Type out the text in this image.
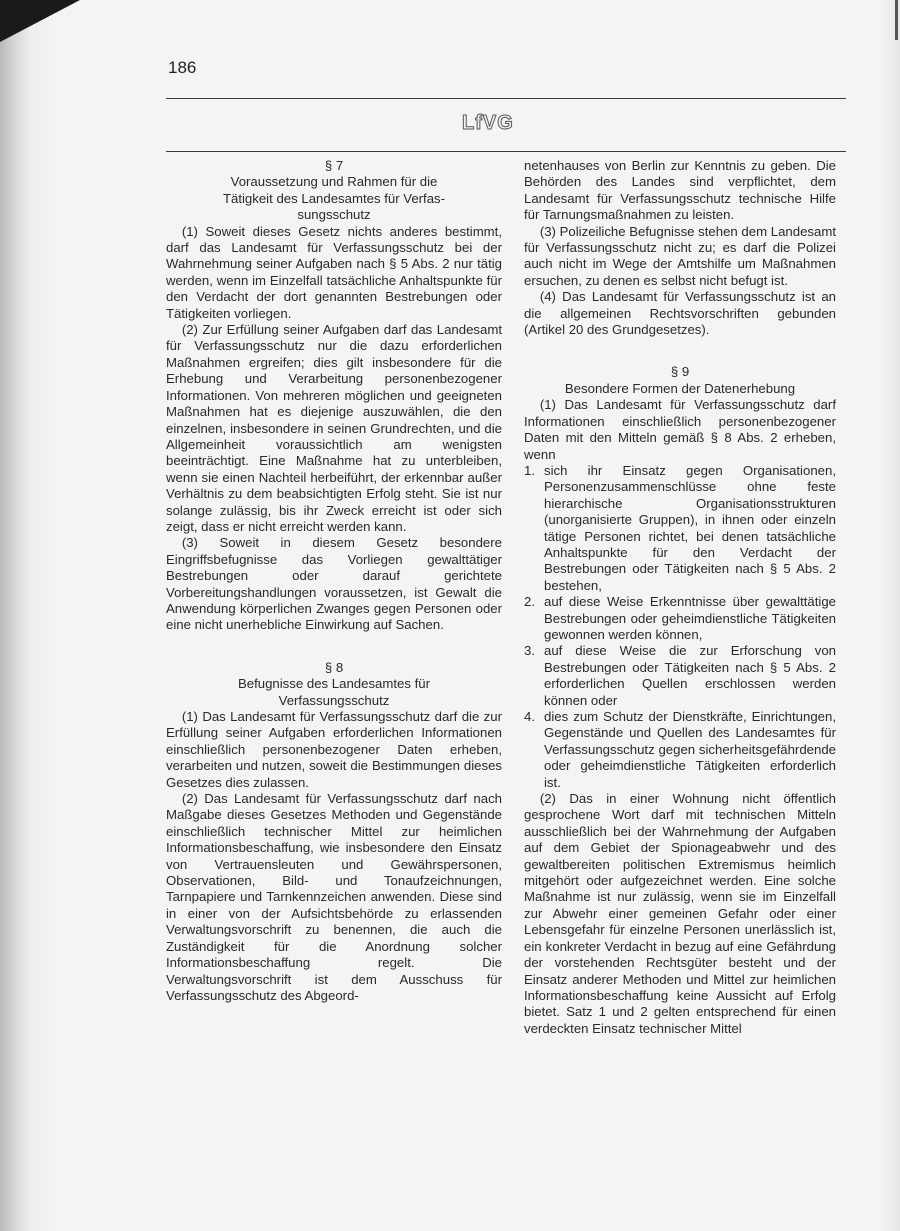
186
LfVG
§ 7
Voraussetzung und Rahmen für die
Tätigkeit des Landesamtes für Verfas-
sungsschutz

(1) Soweit dieses Gesetz nichts anderes bestimmt, darf das Landesamt für Verfassungsschutz bei der Wahrnehmung seiner Aufgaben nach § 5 Abs. 2 nur tätig werden, wenn im Einzelfall tatsächliche Anhaltspunkte für den Verdacht der dort genannten Bestrebungen oder Tätigkeiten vorliegen.

(2) Zur Erfüllung seiner Aufgaben darf das Landesamt für Verfassungsschutz nur die dazu erforderlichen Maßnahmen ergreifen; dies gilt insbesondere für die Erhebung und Verarbeitung personenbezogener Informationen. Von mehreren möglichen und geeigneten Maßnahmen hat es diejenige auszuwählen, die den einzelnen, insbesondere in seinen Grundrechten, und die Allgemeinheit voraussichtlich am wenigsten beeinträchtigt. Eine Maßnahme hat zu unterbleiben, wenn sie einen Nachteil herbeiführt, der erkennbar außer Verhältnis zu dem beabsichtigten Erfolg steht. Sie ist nur solange zulässig, bis ihr Zweck erreicht ist oder sich zeigt, dass er nicht erreicht werden kann.

(3) Soweit in diesem Gesetz besondere Eingriffsbefugnisse das Vorliegen gewalttätiger Bestrebungen oder darauf gerichtete Vorbereitungshandlungen voraussetzen, ist Gewalt die Anwendung körperlichen Zwanges gegen Personen oder eine nicht unerhebliche Einwirkung auf Sachen.

§ 8
Befugnisse des Landesamtes für
Verfassungsschutz

(1) Das Landesamt für Verfassungsschutz darf die zur Erfüllung seiner Aufgaben erforderlichen Informationen einschließlich personenbezogener Daten erheben, verarbeiten und nutzen, soweit die Bestimmungen dieses Gesetzes dies zulassen.

(2) Das Landesamt für Verfassungsschutz darf nach Maßgabe dieses Gesetzes Methoden und Gegenstände einschließlich technischer Mittel zur heimlichen Informationsbeschaffung, wie insbesondere den Einsatz von Vertrauensleuten und Gewährspersonen, Observationen, Bild- und Tonaufzeichnungen, Tarnpapiere und Tarnkennzeichen anwenden. Diese sind in einer von der Aufsichtsbehörde zu erlassenden Verwaltungsvorschrift zu benennen, die auch die Zuständigkeit für die Anordnung solcher Informationsbeschaffung regelt. Die Verwaltungsvorschrift ist dem Ausschuss für Verfassungsschutz des Abgeord-

netenhauses von Berlin zur Kenntnis zu geben. Die Behörden des Landes sind verpflichtet, dem Landesamt für Verfassungsschutz technische Hilfe für Tarnungsmaßnahmen zu leisten.

(3) Polizeiliche Befugnisse stehen dem Landesamt für Verfassungsschutz nicht zu; es darf die Polizei auch nicht im Wege der Amtshilfe um Maßnahmen ersuchen, zu denen es selbst nicht befugt ist.

(4) Das Landesamt für Verfassungsschutz ist an die allgemeinen Rechtsvorschriften gebunden (Artikel 20 des Grundgesetzes).

§ 9
Besondere Formen der Datenerhebung

(1) Das Landesamt für Verfassungsschutz darf Informationen einschließlich personenbezogener Daten mit den Mitteln gemäß § 8 Abs. 2 erheben, wenn

1. sich ihr Einsatz gegen Organisationen, Personenzusammenschlüsse ohne feste hierarchische Organisationsstrukturen (unorganisierte Gruppen), in ihnen oder einzeln tätige Personen richtet, bei denen tatsächliche Anhaltspunkte für den Verdacht der Bestrebungen oder Tätigkeiten nach § 5 Abs. 2 bestehen,
2. auf diese Weise Erkenntnisse über gewalttätige Bestrebungen oder geheimdienstliche Tätigkeiten gewonnen werden können,
3. auf diese Weise die zur Erforschung von Bestrebungen oder Tätigkeiten nach § 5 Abs. 2 erforderlichen Quellen erschlossen werden können oder
4. dies zum Schutz der Dienstkräfte, Einrichtungen, Gegenstände und Quellen des Landesamtes für Verfassungsschutz gegen sicherheitsgefährdende oder geheimdienstliche Tätigkeiten erforderlich ist.

(2) Das in einer Wohnung nicht öffentlich gesprochene Wort darf mit technischen Mitteln ausschließlich bei der Wahrnehmung der Aufgaben auf dem Gebiet der Spionageabwehr und des gewaltbereiten politischen Extremismus heimlich mitgehört oder aufgezeichnet werden. Eine solche Maßnahme ist nur zulässig, wenn sie im Einzelfall zur Abwehr einer gemeinen Gefahr oder einer Lebensgefahr für einzelne Personen unerlässlich ist, ein konkreter Verdacht in bezug auf eine Gefährdung der vorstehenden Rechtsgüter besteht und der Einsatz anderer Methoden und Mittel zur heimlichen Informationsbeschaffung keine Aussicht auf Erfolg bietet. Satz 1 und 2 gelten entsprechend für einen verdeckten Einsatz technischer Mittel
